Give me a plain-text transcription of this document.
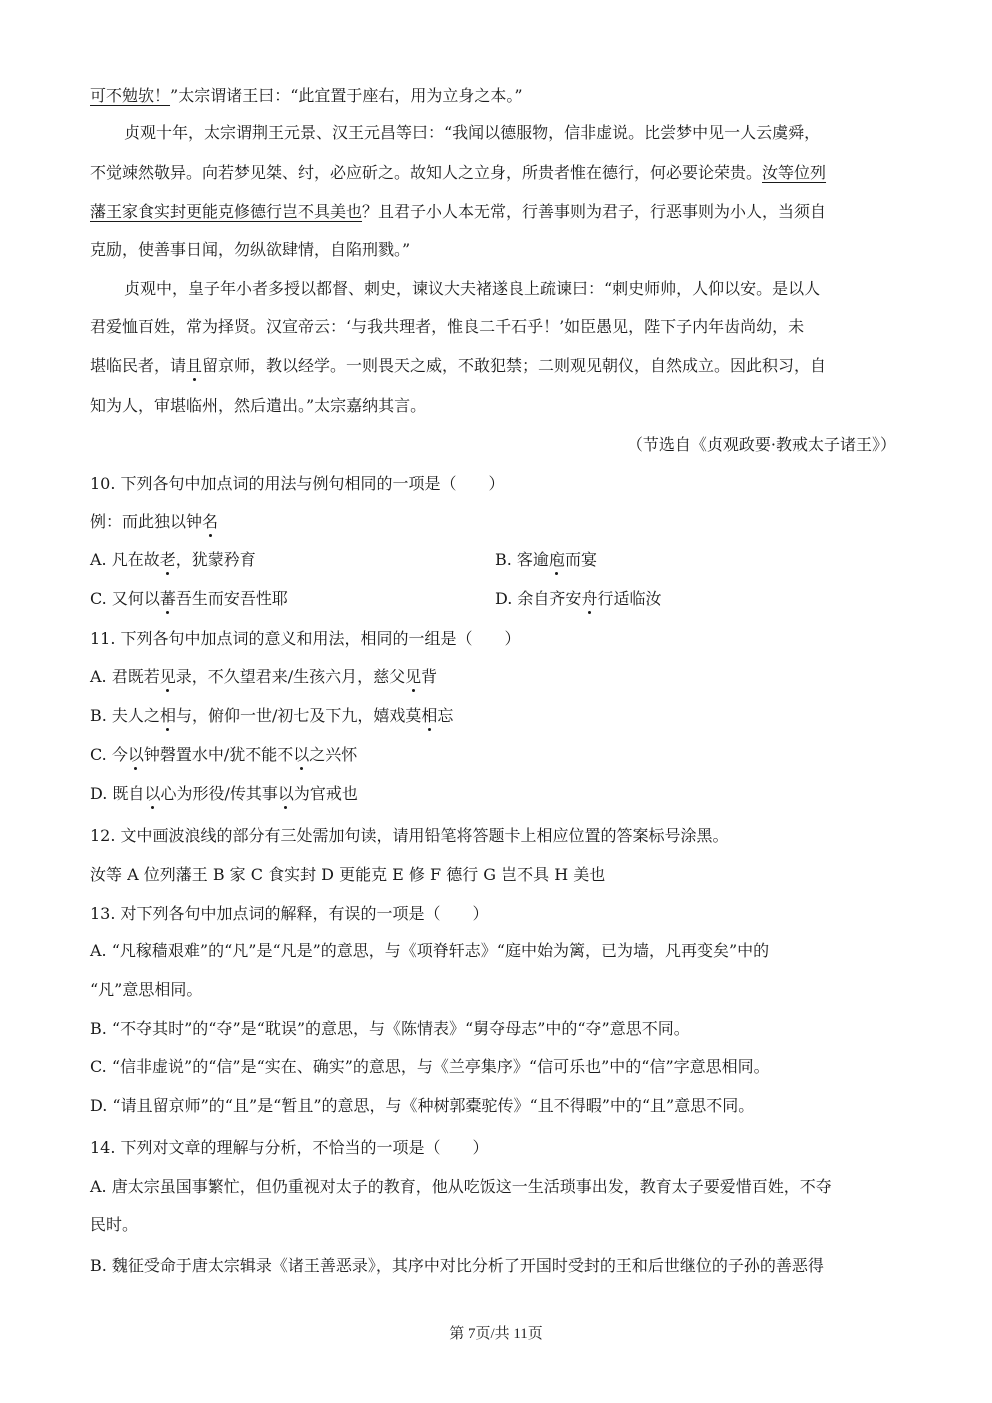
可不勉欤！”太宗谓诸王曰：“此宜置于座右，用为立身之本。”
贞观十年，太宗谓荆王元景、汉王元昌等曰：“我闻以德服物，信非虚说。比尝梦中见一人云虞舜，
不觉竦然敬异。向若梦见桀、纣，必应斫之。故知人之立身，所贵者惟在德行，何必要论荣贵。汝等位列
藩王家食实封更能克修德行岂不具美也？且君子小人本无常，行善事则为君子，行恶事则为小人，当须自
克励，使善事日闻，勿纵欲肆情，自陷刑戮。”
贞观中，皇子年小者多授以都督、刺史，谏议大夫褚遂良上疏谏曰：“刺史师帅，人仰以安。是以人
君爱恤百姓，常为择贤。汉宣帝云：‘与我共理者，惟良二千石乎！’如臣愚见，陛下子内年齿尚幼，未
堪临民者，请且留京师，教以经学。一则畏天之威，不敢犯禁；二则观见朝仪，自然成立。因此积习，自
知为人，审堪临州，然后遣出。”太宗嘉纳其言。
（节选自《贞观政要·教戒太子诸王》）
10. 下列各句中加点词的用法与例句相同的一项是（　　）
例：而此独以钟名
A. 凡在故老，犹蒙矜育	B. 客逾庖而宴
C. 又何以蕃吾生而安吾性耶	D. 余自齐安舟行适临汝
11. 下列各句中加点词的意义和用法，相同的一组是（　　）
A. 君既若见录，不久望君来/生孩六月，慈父见背
B. 夫人之相与，俯仰一世/初七及下九，嬉戏莫相忘
C. 今以钟磬置水中/犹不能不以之兴怀
D. 既自以心为形役/传其事以为官戒也
12. 文中画波浪线的部分有三处需加句读，请用铅笔将答题卡上相应位置的答案标号涂黑。
汝等 A 位列藩王 B 家 C 食实封 D 更能克 E 修 F 德行 G 岂不具 H 美也
13. 对下列各句中加点词的解释，有误的一项是（　　）
A. “凡稼穑艰难”的“凡”是“凡是”的意思，与《项脊轩志》“庭中始为篱，已为墙，凡再变矣”中的
“凡”意思相同。
B. “不夺其时”的“夺”是“耽误”的意思，与《陈情表》“舅夺母志”中的“夺”意思不同。
C. “信非虚说”的“信”是“实在、确实”的意思，与《兰亭集序》“信可乐也”中的“信”字意思相同。
D. “请且留京师”的“且”是“暂且”的意思，与《种树郭橐驼传》“且不得暇”中的“且”意思不同。
14. 下列对文章的理解与分析，不恰当的一项是（　　）
A. 唐太宗虽国事繁忙，但仍重视对太子的教育，他从吃饭这一生活琐事出发，教育太子要爱惜百姓，不夺
民时。
B. 魏征受命于唐太宗辑录《诸王善恶录》，其序中对比分析了开国时受封的王和后世继位的子孙的善恶得
第 7页/共 11页
